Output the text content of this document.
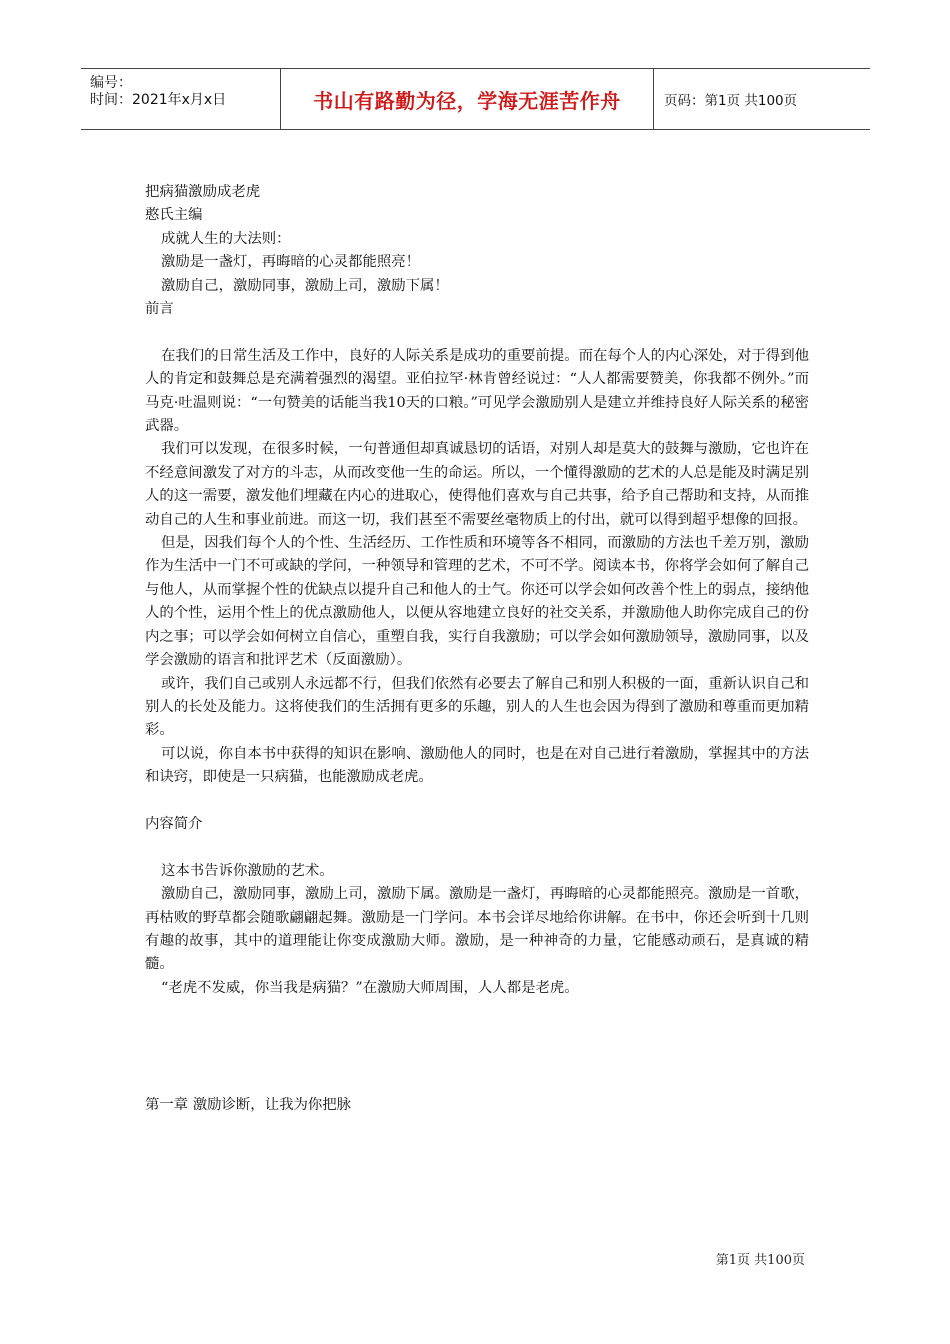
编号：
时间：2021年x月x日	书山有路勤为径，学海无涯苦作舟	页码：第1页 共100页

把病猫激励成老虎

憨氏主编

成就人生的大法则：

激励是一盏灯，再晦暗的心灵都能照亮！

激励自己，激励同事，激励上司，激励下属！

前言

在我们的日常生活及工作中，良好的人际关系是成功的重要前提。而在每个人的内心深处，对于得到他人的肯定和鼓舞总是充满着强烈的渴望。亚伯拉罕·林肯曾经说过：“人人都需要赞美，你我都不例外。”而马克·吐温则说：“一句赞美的话能当我10天的口粮。”可见学会激励别人是建立并维持良好人际关系的秘密武器。

我们可以发现，在很多时候，一句普通但却真诚恳切的话语，对别人却是莫大的鼓舞与激励，它也许在不经意间激发了对方的斗志，从而改变他一生的命运。所以，一个懂得激励的艺术的人总是能及时满足别人的这一需要，激发他们埋藏在内心的进取心，使得他们喜欢与自己共事，给予自己帮助和支持，从而推动自己的人生和事业前进。而这一切，我们甚至不需要丝毫物质上的付出，就可以得到超乎想像的回报。

但是，因我们每个人的个性、生活经历、工作性质和环境等各不相同，而激励的方法也千差万别，激励作为生活中一门不可或缺的学问，一种领导和管理的艺术，不可不学。阅读本书，你将学会如何了解自己与他人，从而掌握个性的优缺点以提升自己和他人的士气。你还可以学会如何改善个性上的弱点，接纳他人的个性，运用个性上的优点激励他人，以便从容地建立良好的社交关系，并激励他人助你完成自己的份内之事；可以学会如何树立自信心，重塑自我，实行自我激励；可以学会如何激励领导，激励同事，以及学会激励的语言和批评艺术（反面激励）。

或许，我们自己或别人永远都不行，但我们依然有必要去了解自己和别人积极的一面，重新认识自己和别人的长处及能力。这将使我们的生活拥有更多的乐趣，别人的人生也会因为得到了激励和尊重而更加精彩。

可以说，你自本书中获得的知识在影响、激励他人的同时，也是在对自己进行着激励，掌握其中的方法和诀窍，即使是一只病猫，也能激励成老虎。

内容简介

这本书告诉你激励的艺术。

激励自己，激励同事，激励上司，激励下属。激励是一盏灯，再晦暗的心灵都能照亮。激励是一首歌，再枯败的野草都会随歌翩翩起舞。激励是一门学问。本书会详尽地给你讲解。在书中，你还会听到十几则有趣的故事，其中的道理能让你变成激励大师。激励，是一种神奇的力量，它能感动顽石，是真诚的精髓。

“老虎不发威，你当我是病猫？”在激励大师周围，人人都是老虎。

第一章 激励诊断，让我为你把脉

第1页 共100页
